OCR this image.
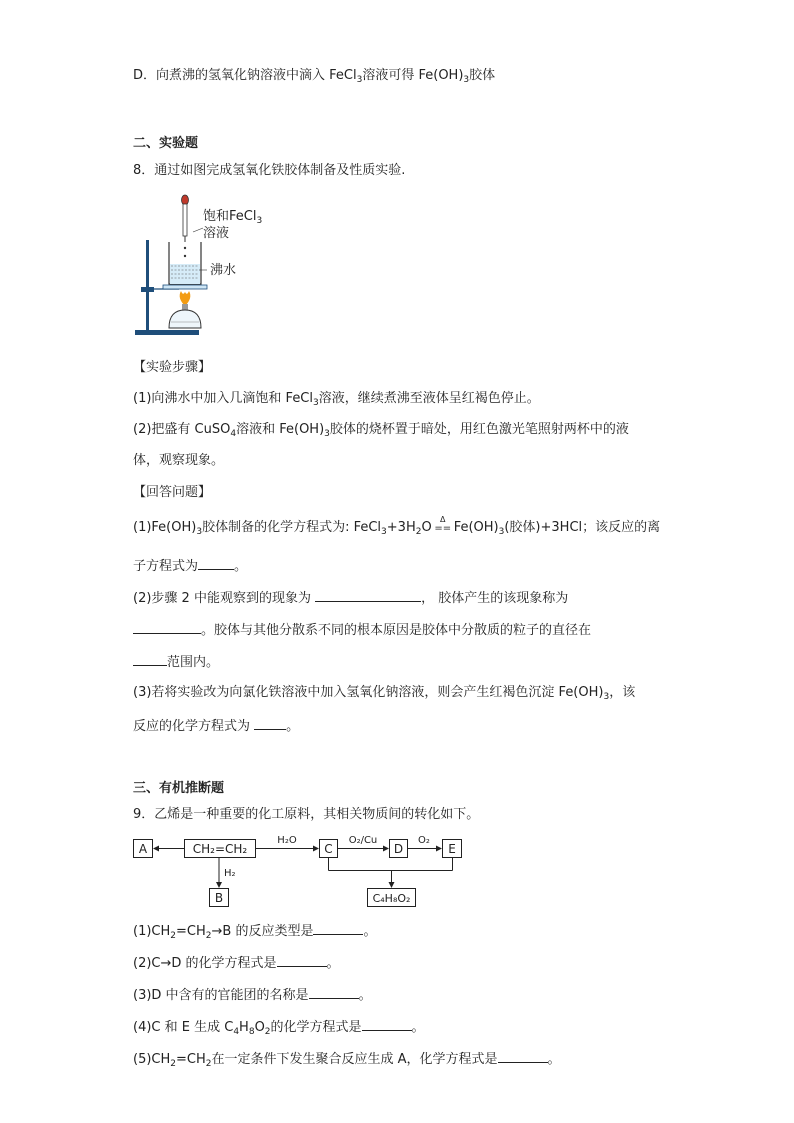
D．向煮沸的氢氧化钠溶液中滴入 FeCl$_3$溶液可得 $Fe(OH)_3$胶体
二、实验题
8．通过如图完成氢氧化铁胶体制备及性质实验.
饱和FeCl$_3$
溶液
沸水
【实验步骤】
(1)向沸水中加入几滴饱和 FeCl$_3$溶液，继续煮沸至液体呈红褐色停止。
(2)把盛有 CuSO$_4$溶液和 $Fe(OH)_3$胶体的烧杯置于暗处，用红色激光笔照射两杯中的液
体，观察现象。
【回答问题】
$(1)Fe(OH)_3$胶体制备的化学方程式为: $FeCl_3+3H_2O$
Δ
== $Fe(OH)_3$(胶体)+3HCl；该反应的离
子方程式为	。
(2)步骤 2 中能观察到的现象为	， 胶体产生的该现象称为
。胶体与其他分散系不同的根本原因是胶体中分散质的粒子的直径在
范围内。
(3)若将实验改为向氯化铁溶液中加入氢氧化钠溶液，则会产生红褐色沉淀 $Fe(OH)_3$，该
反应的化学方程式为 。
三、有机推断题
9．乙烯是一种重要的化工原料，其相关物质间的转化如下。
A	CH₂=CH₂	C	D	E
B	C₄H₈O₂
H₂O	O₂/Cu	O₂
H₂
$(1)CH_2=CH_2\to B$ 的反应类型是	。
(2)C→D 的化学方程式是	。
(3)D 中含有的官能团的名称是	。
(4)C 和 E 生成 $C_4H_8O_2$的化学方程式是	。
$(5)CH_2=CH_2$在一定条件下发生聚合反应生成 A，化学方程式是	。
